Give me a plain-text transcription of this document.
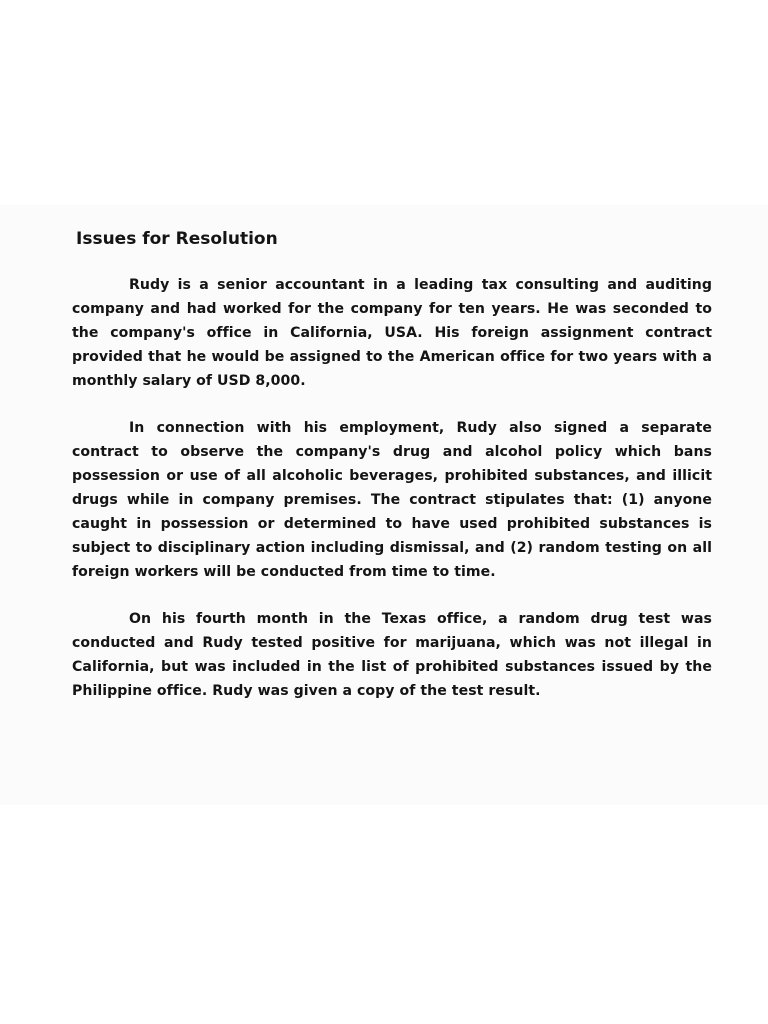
Issues for Resolution

Rudy is a senior accountant in a leading tax consulting and auditing company and had worked for the company for ten years. He was seconded to the company's office in California, USA. His foreign assignment contract provided that he would be assigned to the American office for two years with a monthly salary of USD 8,000.

In connection with his employment, Rudy also signed a separate contract to observe the company's drug and alcohol policy which bans possession or use of all alcoholic beverages, prohibited substances, and illicit drugs while in company premises. The contract stipulates that: (1) anyone caught in possession or determined to have used prohibited substances is subject to disciplinary action including dismissal, and (2) random testing on all foreign workers will be conducted from time to time.

On his fourth month in the Texas office, a random drug test was conducted and Rudy tested positive for marijuana, which was not illegal in California, but was included in the list of prohibited substances issued by the Philippine office. Rudy was given a copy of the test result.
